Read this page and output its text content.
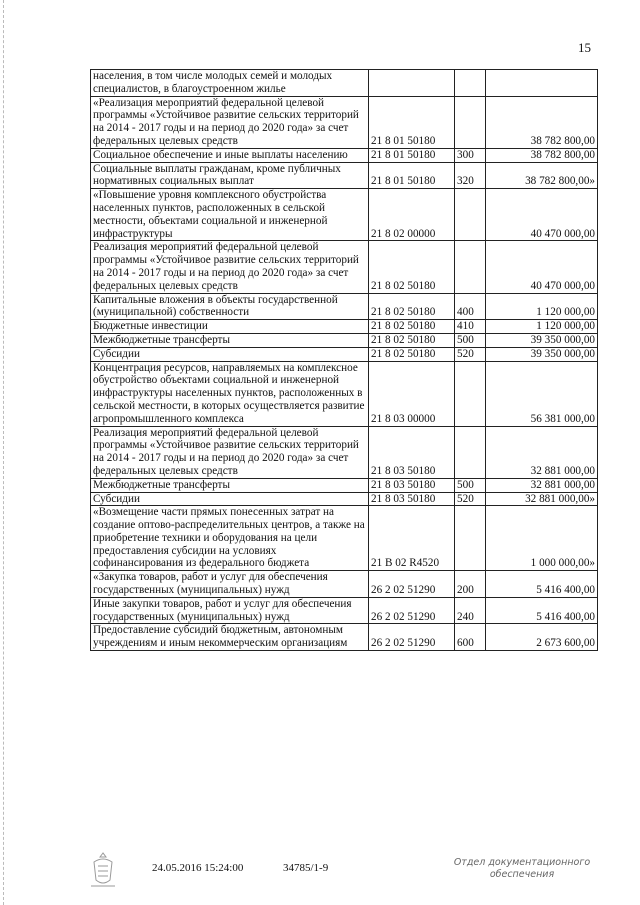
15
населения, в том числе молодых семей и молодых специалистов, в благоустроенном жилье			
«Реализация мероприятий федеральной целевой программы «Устойчивое развитие сельских территорий на 2014 - 2017 годы и на период до 2020 года» за счет федеральных целевых средств	21 8 01 50180		38 782 800,00
Социальное обеспечение и иные выплаты населению	21 8 01 50180	300	38 782 800,00
Социальные выплаты гражданам, кроме публичных нормативных социальных выплат	21 8 01 50180	320	38 782 800,00»
«Повышение уровня комплексного обустройства населенных пунктов, расположенных в сельской местности, объектами социальной и инженерной инфраструктуры	21 8 02 00000		40 470 000,00
Реализация мероприятий федеральной целевой программы «Устойчивое развитие сельских территорий на 2014 - 2017 годы и на период до 2020 года» за счет федеральных целевых средств	21 8 02 50180		40 470 000,00
Капитальные вложения в объекты государственной (муниципальной) собственности	21 8 02 50180	400	1 120 000,00
Бюджетные инвестиции	21 8 02 50180	410	1 120 000,00
Межбюджетные трансферты	21 8 02 50180	500	39 350 000,00
Субсидии	21 8 02 50180	520	39 350 000,00
Концентрация ресурсов, направляемых на комплексное обустройство объектами социальной и инженерной инфраструктуры населенных пунктов, расположенных в сельской местности, в которых осуществляется развитие агропромышленного комплекса	21 8 03 00000		56 381 000,00
Реализация мероприятий федеральной целевой программы «Устойчивое развитие сельских территорий на 2014 - 2017 годы и на период до 2020 года» за счет федеральных целевых средств	21 8 03 50180		32 881 000,00
Межбюджетные трансферты	21 8 03 50180	500	32 881 000,00
Субсидии	21 8 03 50180	520	32 881 000,00»
«Возмещение части прямых понесенных затрат на создание оптово-распределительных центров, а также на приобретение техники и оборудования на цели предоставления субсидии на условиях софинансирования из федерального бюджета	21 В 02 R4520		1 000 000,00»
«Закупка товаров, работ и услуг для обеспечения государственных (муниципальных) нужд	26 2 02 51290	200	5 416 400,00
Иные закупки товаров, работ и услуг для обеспечения государственных (муниципальных) нужд	26 2 02 51290	240	5 416 400,00
Предоставление субсидий бюджетным, автономным учреждениям и иным некоммерческим организациям	26 2 02 51290	600	2 673 600,00
24.05.2016 15:24:00	34785/1-9	Отдел документационного
обеспечения
